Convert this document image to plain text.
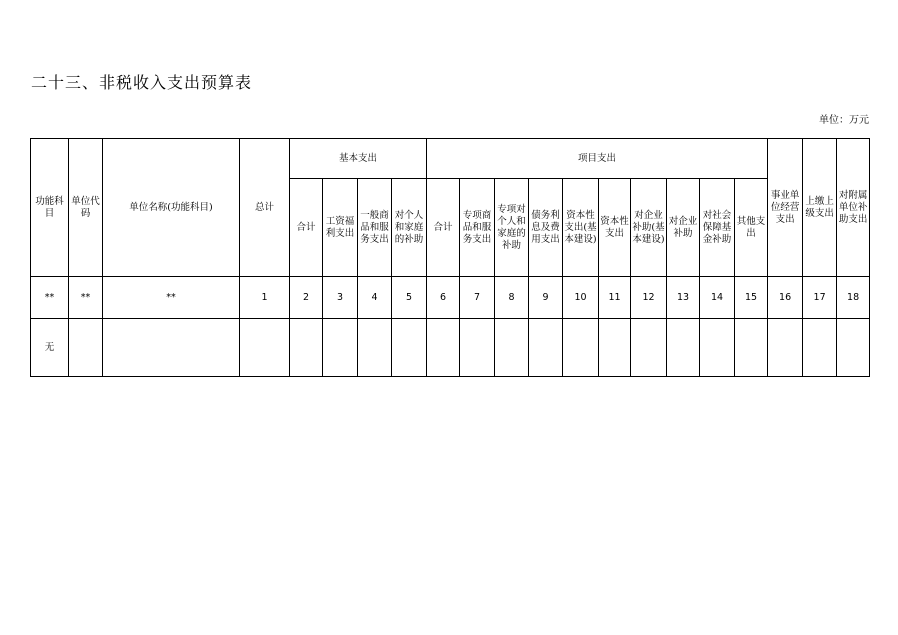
二十三、非税收入支出预算表
单位：万元
功能科目	单位代码	单位名称(功能科目)	总计	基本支出				项目支出										事业单位经营支出	上缴上级支出	对附属单位补助支出
				合计	工资福利支出	一般商品和服务支出	对个人和家庭的补助	合计	专项商品和服务支出	专项对个人和家庭的补助	债务利息及费用支出	资本性支出(基本建设)	资本性支出	对企业补助(基本建设)	对企业补助	对社会保障基金补助	其他支出			
**	**	**	1	2	3	4	5	6	7	8	9	10	11	12	13	14	15	16	17	18
无																				
